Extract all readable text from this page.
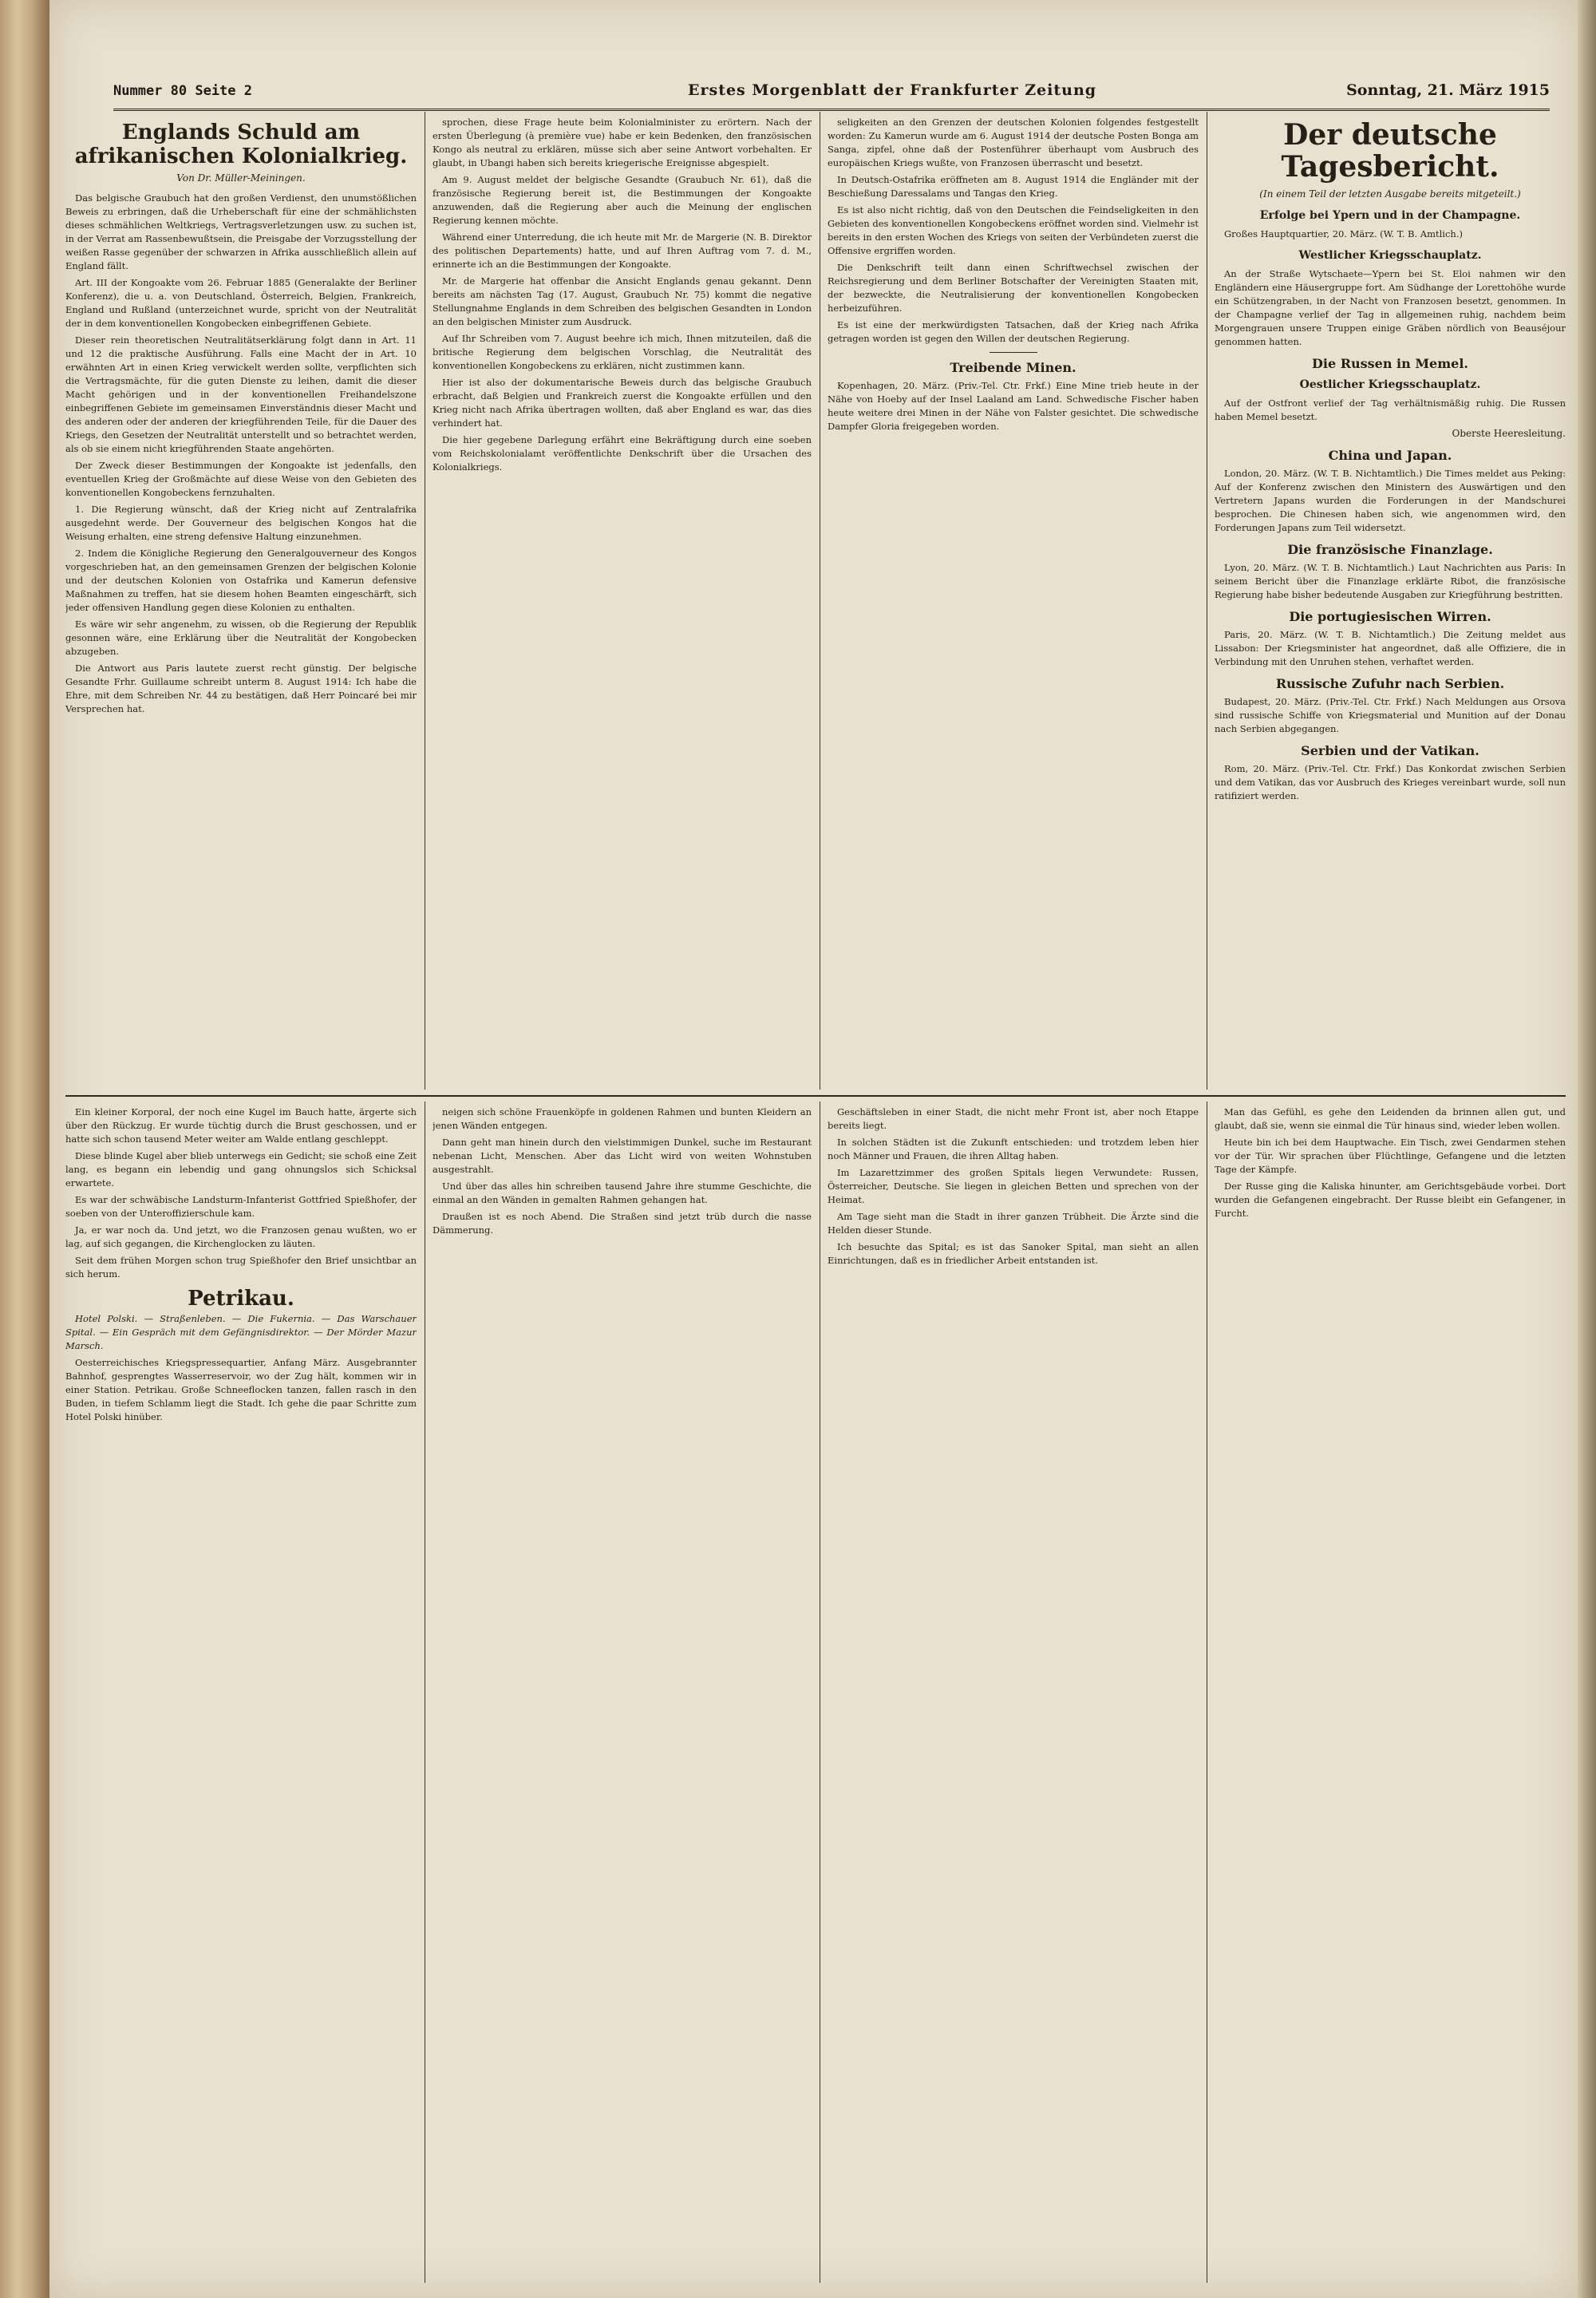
Nummer 80 Seite 2	Erstes Morgenblatt der Frankfurter Zeitung	Sonntag, 21. März 1915
Englands Schuld am afrikanischen Kolonialkrieg.
Von Dr. Müller-Meiningen.

Das belgische Graubuch hat den großen Verdienst, den unumstößlichen Beweis zu erbringen, daß die Urheberschaft für eine der schmählichsten dieses schmählichen Weltkriegs, Vertragsverletzungen usw. zu suchen ist, in der Verrat am Rassenbewußtsein, die Preisgabe der Vorzugsstellung der weißen Rasse gegenüber der schwarzen in Afrika ausschließlich allein auf England fällt.

Art. III der Kongoakte vom 26. Februar 1885 (Generalakte der Berliner Konferenz), die u. a. von Deutschland, Österreich, Belgien, Frankreich, England und Rußland (unterzeichnet wurde, spricht von der Neutralität der in dem konventionellen Kongobecken einbegriffenen Gebiete.

Dieser rein theoretischen Neutralitätserklärung folgt dann in Art. 11 und 12 die praktische Ausführung. Falls eine Macht der in Art. 10 erwähnten Art in einen Krieg verwickelt werden sollte, verpflichten sich die Vertragsmächte, für die guten Dienste zu leihen, damit die dieser Macht gehörigen und in der konventionellen Freihandelszone einbegriffenen Gebiete im gemeinsamen Einverständnis dieser Macht und des anderen oder der anderen der kriegführenden Teile, für die Dauer des Kriegs, den Gesetzen der Neutralität unterstellt und so betrachtet werden, als ob sie einem nicht kriegführenden Staate angehörten.

Der Zweck dieser Bestimmungen der Kongoakte ist jedenfalls, den eventuellen Krieg der Großmächte auf diese Weise von den Gebieten des konventionellen Kongobeckens fernzuhalten.

1. Die Regierung wünscht, daß der Krieg nicht auf Zentralafrika ausgedehnt werde. Der Gouverneur des belgischen Kongos hat die Weisung erhalten, eine streng defensive Haltung einzunehmen.

2. Indem die Königliche Regierung den Generalgouverneur des Kongos vorgeschrieben hat, an den gemeinsamen Grenzen der belgischen Kolonie und der deutschen Kolonien von Ostafrika und Kamerun defensive Maßnahmen zu treffen, hat sie diesem hohen Beamten eingeschärft, sich jeder offensiven Handlung gegen diese Kolonien zu enthalten.

Es wäre wir sehr angenehm, zu wissen, ob die Regierung der Republik gesonnen wäre, eine Erklärung über die Neutralität der Kongobecken abzugeben.

Die Antwort aus Paris lautete zuerst recht günstig. Der belgische Gesandte Frhr. Guillaume schreibt unterm 8. August 1914: Ich habe die Ehre, mit dem Schreiben Nr. 44 zu bestätigen, daß Herr Poincaré bei mir Versprechen hat.

sprochen, diese Frage heute beim Kolonialminister zu erörtern. Nach der ersten Überlegung (à première vue) habe er kein Bedenken, den französischen Kongo als neutral zu erklären, müsse sich aber seine Antwort vorbehalten. Er glaubt, in Ubangi haben sich bereits kriegerische Ereignisse abgespielt.

Am 9. August meldet der belgische Gesandte (Graubuch Nr. 61), daß die französische Regierung bereit ist, die Bestimmungen der Kongoakte anzuwenden, daß die Regierung aber auch die Meinung der englischen Regierung kennen möchte.

Während einer Unterredung, die ich heute mit Mr. de Margerie (N. B. Direktor des politischen Departements) hatte, und auf Ihren Auftrag vom 7. d. M., erinnerte ich an die Bestimmungen der Kongoakte.

Mr. de Margerie hat offenbar die Ansicht Englands genau gekannt. Denn bereits am nächsten Tag (17. August, Graubuch Nr. 75) kommt die negative Stellungnahme Englands in dem Schreiben des belgischen Gesandten in London an den belgischen Minister zum Ausdruck.

Auf Ihr Schreiben vom 7. August beehre ich mich, Ihnen mitzuteilen, daß die britische Regierung dem belgischen Vorschlag, die Neutralität des konventionellen Kongobeckens zu erklären, nicht zustimmen kann.

Hier ist also der dokumentarische Beweis durch das belgische Graubuch erbracht, daß Belgien und Frankreich zuerst die Kongoakte erfüllen und den Krieg nicht nach Afrika übertragen wollten, daß aber England es war, das dies verhindert hat.

Die hier gegebene Darlegung erfährt eine Bekräftigung durch eine soeben vom Reichskolonialamt veröffentlichte Denkschrift über die Ursachen des Kolonialkriegs.

seligkeiten an den Grenzen der deutschen Kolonien folgendes festgestellt worden: Zu Kamerun wurde am 6. August 1914 der deutsche Posten Bonga am Sanga, zipfel, ohne daß der Postenführer überhaupt vom Ausbruch des europäischen Kriegs wußte, von Franzosen überrascht und besetzt.

In Deutsch-Ostafrika eröffneten am 8. August 1914 die Engländer mit der Beschießung Daressalams und Tangas den Krieg.

Es ist also nicht richtig, daß von den Deutschen die Feindseligkeiten in den Gebieten des konventionellen Kongobeckens eröffnet worden sind. Vielmehr ist bereits in den ersten Wochen des Kriegs von seiten der Verbündeten zuerst die Offensive ergriffen worden.

Die Denkschrift teilt dann einen Schriftwechsel zwischen der Reichsregierung und dem Berliner Botschafter der Vereinigten Staaten mit, der bezweckte, die Neutralisierung der konventionellen Kongobecken herbeizuführen.

Es ist eine der merkwürdigsten Tatsachen, daß der Krieg nach Afrika getragen worden ist gegen den Willen der deutschen Regierung.

Treibende Minen.

Kopenhagen, 20. März. (Priv.-Tel. Ctr. Frkf.) Eine Mine trieb heute in der Nähe von Hoeby auf der Insel Laaland am Land. Schwedische Fischer haben heute weitere drei Minen in der Nähe von Falster gesichtet. Die schwedische Dampfer Gloria freigegeben worden.

Der deutsche Tagesbericht.
(In einem Teil der letzten Ausgabe bereits mitgeteilt.)
Erfolge bei Ypern und in der Champagne.

Großes Hauptquartier, 20. März. (W. T. B. Amtlich.)

Westlicher Kriegsschauplatz.

An der Straße Wytschaete—Ypern bei St. Eloi nahmen wir den Engländern eine Häusergruppe fort. Am Südhange der Lorettohöhe wurde ein Schützengraben, in der Nacht von Franzosen besetzt, genommen. In der Champagne verlief der Tag in allgemeinen ruhig, nachdem beim Morgengrauen unsere Truppen einige Gräben nördlich von Beauséjour genommen hatten.

Die Russen in Memel.
Oestlicher Kriegsschauplatz.

Auf der Ostfront verlief der Tag verhältnismäßig ruhig. Die Russen haben Memel besetzt.

Oberste Heeresleitung.
China und Japan.

London, 20. März. (W. T. B. Nichtamtlich.) Die Times meldet aus Peking: Auf der Konferenz zwischen den Ministern des Auswärtigen und den Vertretern Japans wurden die Forderungen in der Mandschurei besprochen. Die Chinesen haben sich, wie angenommen wird, den Forderungen Japans zum Teil widersetzt.

Die französische Finanzlage.

Lyon, 20. März. (W. T. B. Nichtamtlich.) Laut Nachrichten aus Paris: In seinem Bericht über die Finanzlage erklärte Ribot, die französische Regierung habe bisher bedeutende Ausgaben zur Kriegführung bestritten.

Die portugiesischen Wirren.

Paris, 20. März. (W. T. B. Nichtamtlich.) Die Zeitung meldet aus Lissabon: Der Kriegsminister hat angeordnet, daß alle Offiziere, die in Verbindung mit den Unruhen stehen, verhaftet werden.

Russische Zufuhr nach Serbien.

Budapest, 20. März. (Priv.-Tel. Ctr. Frkf.) Nach Meldungen aus Orsova sind russische Schiffe von Kriegsmaterial und Munition auf der Donau nach Serbien abgegangen.

Serbien und der Vatikan.

Rom, 20. März. (Priv.-Tel. Ctr. Frkf.) Das Konkordat zwischen Serbien und dem Vatikan, das vor Ausbruch des Krieges vereinbart wurde, soll nun ratifiziert werden.

Ein kleiner Korporal, der noch eine Kugel im Bauch hatte, ärgerte sich über den Rückzug. Er wurde tüchtig durch die Brust geschossen, und er hatte sich schon tausend Meter weiter am Walde entlang geschleppt.

Diese blinde Kugel aber blieb unterwegs ein Gedicht; sie schoß eine Zeit lang, es begann ein lebendig und gang ohnungslos sich Schicksal erwartete.

Es war der schwäbische Landsturm-Infanterist Gottfried Spießhofer, der soeben von der Unteroffizierschule kam.

Ja, er war noch da. Und jetzt, wo die Franzosen genau wußten, wo er lag, auf sich gegangen, die Kirchenglocken zu läuten.

Seit dem frühen Morgen schon trug Spießhofer den Brief unsichtbar an sich herum.

Petrikau.

Hotel Polski. — Straßenleben. — Die Fukernia. — Das Warschauer Spital. — Ein Gespräch mit dem Gefängnisdirektor. — Der Mörder Mazur Marsch.

Oesterreichisches Kriegspressequartier, Anfang März. Ausgebrannter Bahnhof, gesprengtes Wasserreservoir, wo der Zug hält, kommen wir in einer Station. Petrikau. Große Schneeflocken tanzen, fallen rasch in den Buden, in tiefem Schlamm liegt die Stadt. Ich gehe die paar Schritte zum Hotel Polski hinüber.

neigen sich schöne Frauenköpfe in goldenen Rahmen und bunten Kleidern an jenen Wänden entgegen.

Dann geht man hinein durch den vielstimmigen Dunkel, suche im Restaurant nebenan Licht, Menschen. Aber das Licht wird von weiten Wohnstuben ausgestrahlt.

Und über das alles hin schreiben tausend Jahre ihre stumme Geschichte, die einmal an den Wänden in gemalten Rahmen gehangen hat.

Draußen ist es noch Abend. Die Straßen sind jetzt trüb durch die nasse Dämmerung.

Geschäftsleben in einer Stadt, die nicht mehr Front ist, aber noch Etappe bereits liegt.

In solchen Städten ist die Zukunft entschieden: und trotzdem leben hier noch Männer und Frauen, die ihren Alltag haben.

Im Lazarettzimmer des großen Spitals liegen Verwundete: Russen, Österreicher, Deutsche. Sie liegen in gleichen Betten und sprechen von der Heimat.

Am Tage sieht man die Stadt in ihrer ganzen Trübheit. Die Ärzte sind die Helden dieser Stunde.

Ich besuchte das Spital; es ist das Sanoker Spital, man sieht an allen Einrichtungen, daß es in friedlicher Arbeit entstanden ist.

Man das Gefühl, es gehe den Leidenden da brinnen allen gut, und glaubt, daß sie, wenn sie einmal die Tür hinaus sind, wieder leben wollen.

Heute bin ich bei dem Hauptwache. Ein Tisch, zwei Gendarmen stehen vor der Tür. Wir sprachen über Flüchtlinge, Gefangene und die letzten Tage der Kämpfe.

Der Russe ging die Kaliska hinunter, am Gerichtsgebäude vorbei. Dort wurden die Gefangenen eingebracht. Der Russe bleibt ein Gefangener, in Furcht.
